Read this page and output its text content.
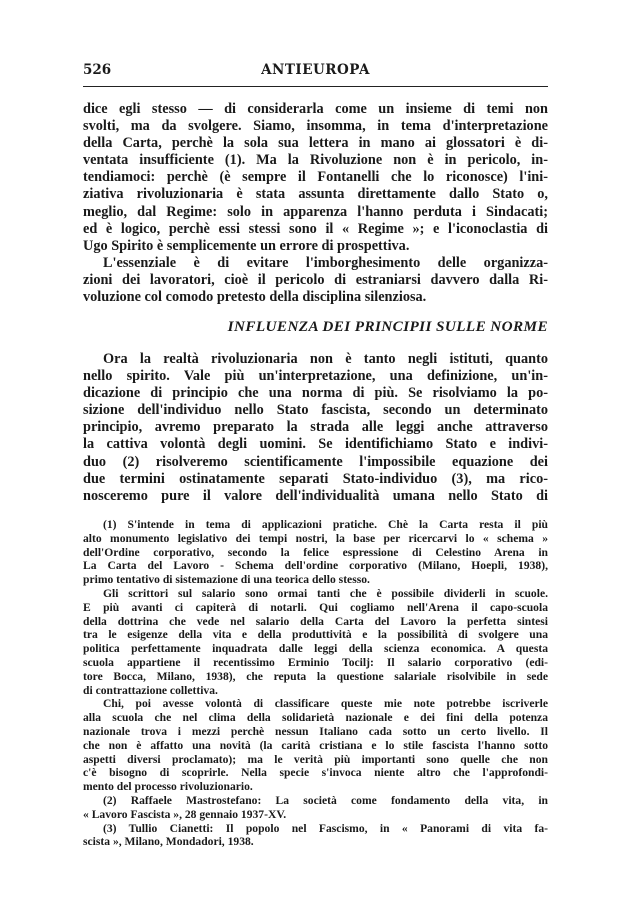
526	ANTIEUROPA
dice egli stesso — di considerarla come un insieme di temi non
svolti, ma da svolgere. Siamo, insomma, in tema d'interpretazione
della Carta, perchè la sola sua lettera in mano ai glossatori è di-
ventata insufficiente (1). Ma la Rivoluzione non è in pericolo, in-
tendiamoci: perchè (è sempre il Fontanelli che lo riconosce) l'ini-
ziativa rivoluzionaria è stata assunta direttamente dallo Stato o,
meglio, dal Regime: solo in apparenza l'hanno perduta i Sindacati;
ed è logico, perchè essi stessi sono il « Regime »; e l'iconoclastia di
Ugo Spirito è semplicemente un errore di prospettiva.
L'essenziale è di evitare l'imborghesimento delle organizza-
zioni dei lavoratori, cioè il pericolo di estraniarsi davvero dalla Ri-
voluzione col comodo pretesto della disciplina silenziosa.
INFLUENZA DEI PRINCIPII SULLE NORME
Ora la realtà rivoluzionaria non è tanto negli istituti, quanto
nello spirito. Vale più un'interpretazione, una definizione, un'in-
dicazione di principio che una norma di più. Se risolviamo la po-
sizione dell'individuo nello Stato fascista, secondo un determinato
principio, avremo preparato la strada alle leggi anche attraverso
la cattiva volontà degli uomini. Se identifichiamo Stato e indivi-
duo (2) risolveremo scientificamente l'impossibile equazione dei
due termini ostinatamente separati Stato-individuo (3), ma rico-
nosceremo pure il valore dell'individualità umana nello Stato di
(1) S'intende in tema di applicazioni pratiche. Chè la Carta resta il più
alto monumento legislativo dei tempi nostri, la base per ricercarvi lo « schema »
dell'Ordine corporativo, secondo la felice espressione di Celestino Arena in
La Carta del Lavoro - Schema dell'ordine corporativo (Milano, Hoepli, 1938),
primo tentativo di sistemazione di una teorica dello stesso.
Gli scrittori sul salario sono ormai tanti che è possibile dividerli in scuole.
E più avanti ci capiterà di notarli. Qui cogliamo nell'Arena il capo-scuola
della dottrina che vede nel salario della Carta del Lavoro la perfetta sintesi
tra le esigenze della vita e della produttività e la possibilità di svolgere una
politica perfettamente inquadrata dalle leggi della scienza economica. A questa
scuola appartiene il recentissimo Erminio Tocilj: Il salario corporativo (edi-
tore Bocca, Milano, 1938), che reputa la questione salariale risolvibile in sede
di contrattazione collettiva.
Chi, poi avesse volontà di classificare queste mie note potrebbe iscriverle
alla scuola che nel clima della solidarietà nazionale e dei fini della potenza
nazionale trova i mezzi perchè nessun Italiano cada sotto un certo livello. Il
che non è affatto una novità (la carità cristiana e lo stile fascista l'hanno sotto
aspetti diversi proclamato); ma le verità più importanti sono quelle che non
c'è bisogno di scoprirle. Nella specie s'invoca niente altro che l'approfondi-
mento del processo rivoluzionario.
(2) Raffaele Mastrostefano: La società come fondamento della vita, in
« Lavoro Fascista », 28 gennaio 1937-XV.
(3) Tullio Cianetti: Il popolo nel Fascismo, in « Panorami di vita fa-
scista », Milano, Mondadori, 1938.
